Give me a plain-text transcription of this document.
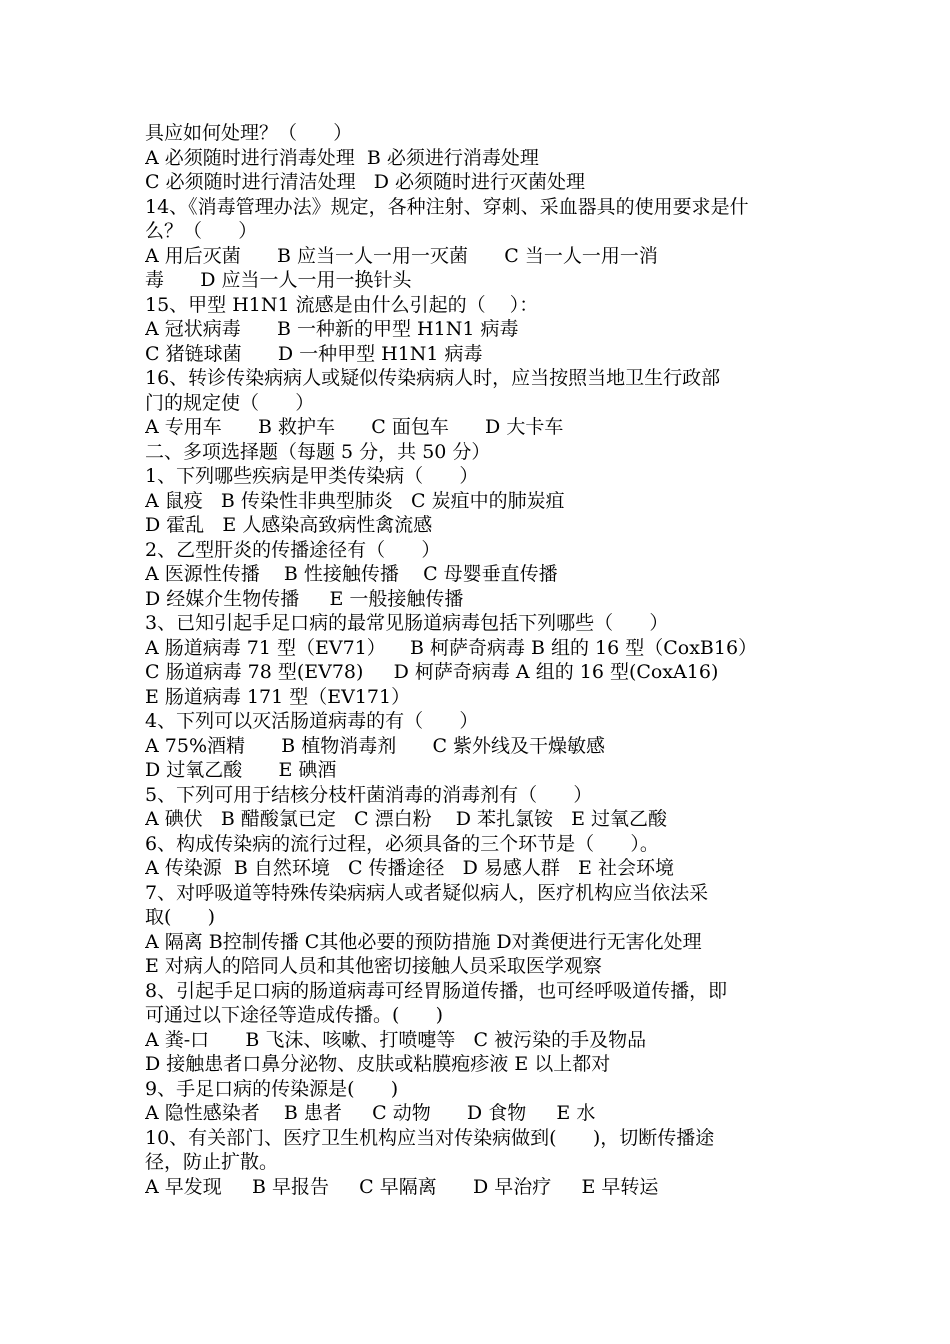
具应如何处理？（      ）
A 必须随时进行消毒处理  B 必须进行消毒处理
C 必须随时进行清洁处理   D 必须随时进行灭菌处理
14、《消毒管理办法》规定，各种注射、穿刺、采血器具的使用要求是什
么？（      ）
A 用后灭菌      B 应当一人一用一灭菌      C 当一人一用一消
毒      D 应当一人一用一换针头
15、甲型 H1N1 流感是由什么引起的（    ）：
A 冠状病毒      B 一种新的甲型 H1N1 病毒
C 猪链球菌      D 一种甲型 H1N1 病毒
16、转诊传染病病人或疑似传染病病人时，应当按照当地卫生行政部
门的规定使（      ）
A 专用车      B 救护车      C 面包车      D 大卡车
二、多项选择题（每题 5 分，共 50 分）
1、下列哪些疾病是甲类传染病（      ）
A 鼠疫   B 传染性非典型肺炎   C 炭疽中的肺炭疽
D 霍乱   E 人感染高致病性禽流感
2、乙型肝炎的传播途径有（      ）
A 医源性传播    B 性接触传播    C 母婴垂直传播
D 经媒介生物传播     E 一般接触传播
3、已知引起手足口病的最常见肠道病毒包括下列哪些（      ）
A 肠道病毒 71 型（EV71）    B 柯萨奇病毒 B 组的 16 型（CoxB16）
C 肠道病毒 78 型(EV78)     D 柯萨奇病毒 A 组的 16 型(CoxA16)
E 肠道病毒 171 型（EV171）
4、下列可以灭活肠道病毒的有（      ）
A 75%酒精      B 植物消毒剂      C 紫外线及干燥敏感
D 过氧乙酸      E 碘酒
5、下列可用于结核分枝杆菌消毒的消毒剂有（      ）
A 碘伏   B 醋酸氯已定   C 漂白粉    D 苯扎氯铵   E 过氧乙酸
6、构成传染病的流行过程，必须具备的三个环节是（      ）。
A 传染源  B 自然环境   C 传播途径   D 易感人群   E 社会环境
7、对呼吸道等特殊传染病病人或者疑似病人，医疗机构应当依法采
取(      )
A 隔离 B控制传播 C其他必要的预防措施 D对粪便进行无害化处理
E 对病人的陪同人员和其他密切接触人员采取医学观察
8、引起手足口病的肠道病毒可经胃肠道传播，也可经呼吸道传播，即
可通过以下途径等造成传播。(      )
A 粪-口      B 飞沫、咳嗽、打喷嚏等   C 被污染的手及物品
D 接触患者口鼻分泌物、皮肤或粘膜疱疹液 E 以上都对
9、手足口病的传染源是(      )
A 隐性感染者    B 患者     C 动物      D 食物     E 水
10、有关部门、医疗卫生机构应当对传染病做到(      )，切断传播途
径，防止扩散。
A 早发现     B 早报告     C 早隔离      D 早治疗     E 早转运
